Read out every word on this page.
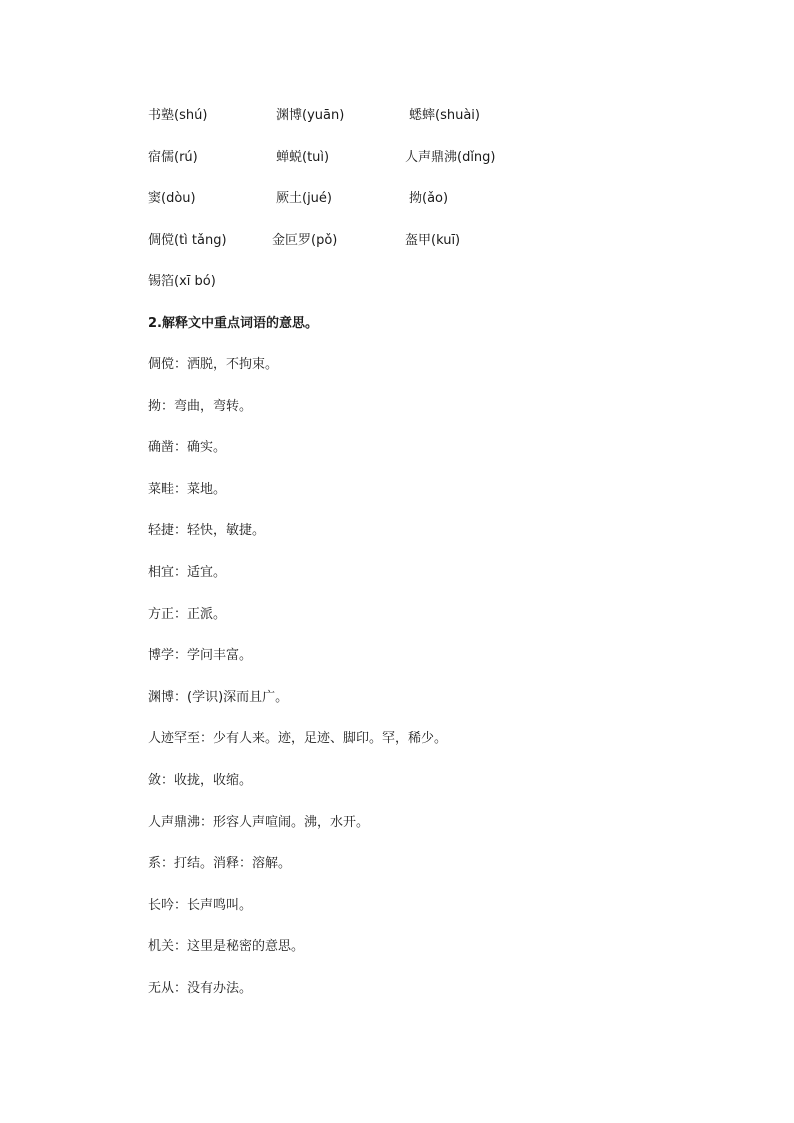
书塾(shú)	渊博(yuān)	蟋蟀(shuài)
宿儒(rú)	蝉蜕(tuì)	人声鼎沸(dǐng)
窦(dòu)	厥土(jué)	拗(ǎo)
倜傥(tì tǎng)	金叵罗(pǒ)	盔甲(kuī)
锡箔(xī bó)
2.解释文中重点词语的意思。
倜傥：洒脱，不拘束。
拗：弯曲，弯转。
确凿：确实。
菜畦：菜地。
轻捷：轻快，敏捷。
相宜：适宜。
方正：正派。
博学：学问丰富。
渊博：(学识)深而且广。
人迹罕至：少有人来。迹，足迹、脚印。罕，稀少。
敛：收拢，收缩。
人声鼎沸：形容人声喧闹。沸，水开。
系：打结。消释：溶解。
长吟：长声鸣叫。
机关：这里是秘密的意思。
无从：没有办法。
